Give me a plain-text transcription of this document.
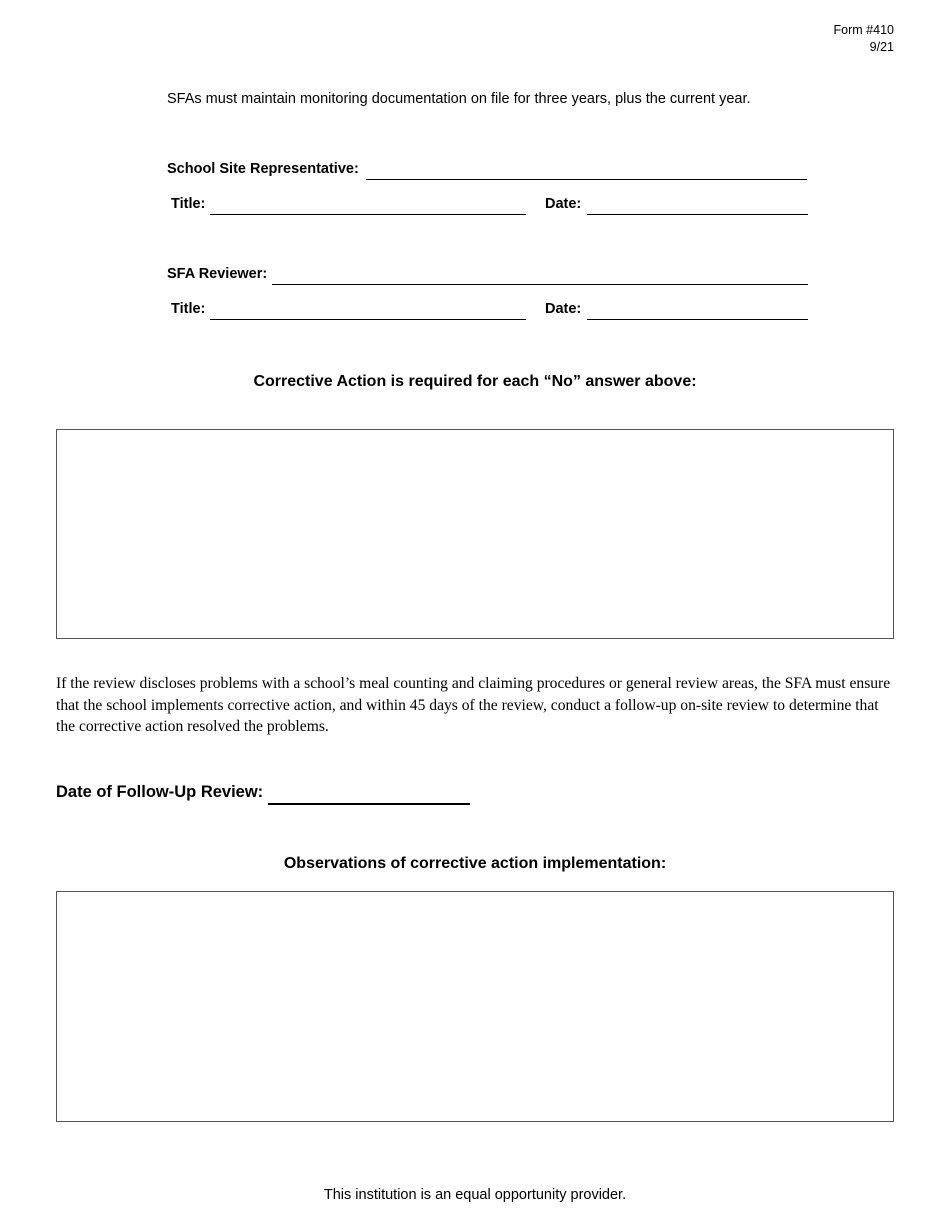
Form #410
9/21
SFAs must maintain monitoring documentation on file for three years, plus the current year.
School Site Representative:
Title:	Date:
SFA Reviewer:
Title:	Date:
Corrective Action is required for each “No” answer above:
If the review discloses problems with a school’s meal counting and claiming procedures or general review areas, the SFA must ensure that the school implements corrective action, and within 45 days of the review, conduct a follow-up on-site review to determine that the corrective action resolved the problems.
Date of Follow-Up Review:
Observations of corrective action implementation:
This institution is an equal opportunity provider.
